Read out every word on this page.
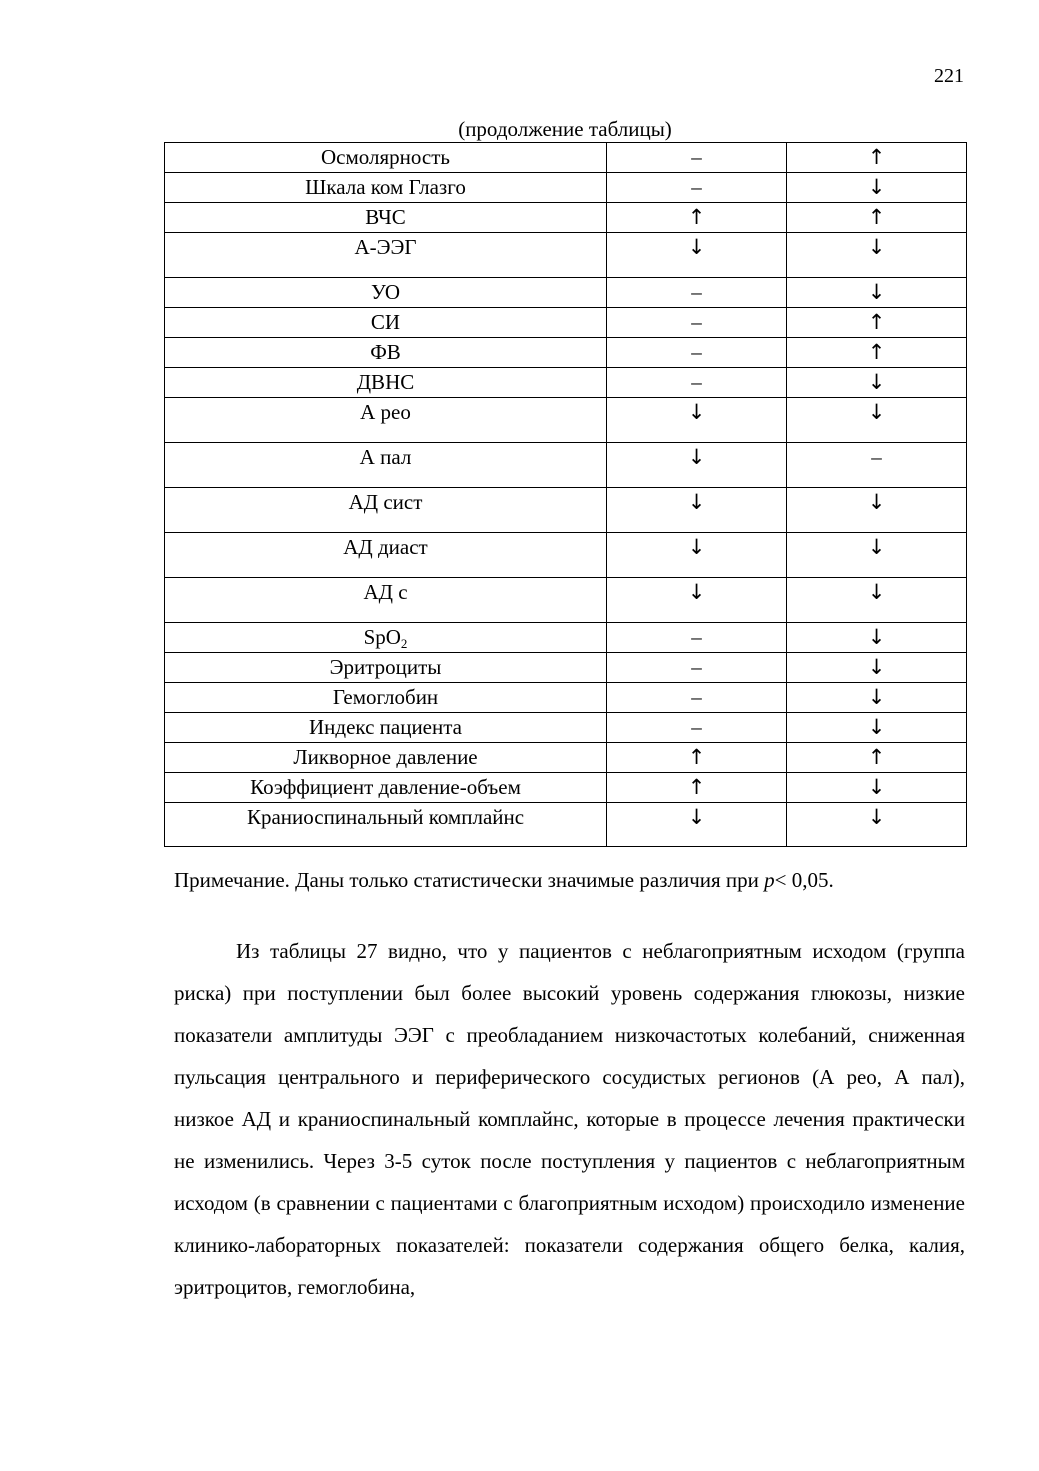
221
(продолжение таблицы)
Осмолярность	–	↑
Шкала ком Глазго	–	↓
ВЧС	↑	↑
А-ЭЭГ	↓	↓
УО	–	↓
СИ	–	↑
ФВ	–	↑
ДВНС	–	↓
А рео	↓	↓
А пал	↓	–
АД сист	↓	↓
АД диаст	↓	↓
АД с	↓	↓
SpO$_2$	–	↓
Эритроциты	–	↓
Гемоглобин	–	↓
Индекс пациента	–	↓
Ликворное давление	↑	↑
Коэффициент давление-объем	↑	↓
Краниоспинальный комплайнс	↓	↓
Примечание. Даны только статистически значимые различия при p< 0,05.

Из таблицы 27 видно, что у пациентов с неблагоприятным исходом (группа риска) при поступлении был более высокий уровень содержания глюкозы, низкие показатели амплитуды ЭЭГ с преобладанием низкочастотых колебаний, сниженная пульсация центрального и периферического сосудистых регионов (А рео, А пал), низкое АД и краниоспинальный комплайнс, которые в процессе лечения практически не изменились. Через 3-5 суток после поступления у пациентов с неблагоприятным исходом (в сравнении с пациентами с благоприятным исходом) происходило изменение клинико-лабораторных показателей: показатели содержания общего белка, калия, эритроцитов, гемоглобина,
